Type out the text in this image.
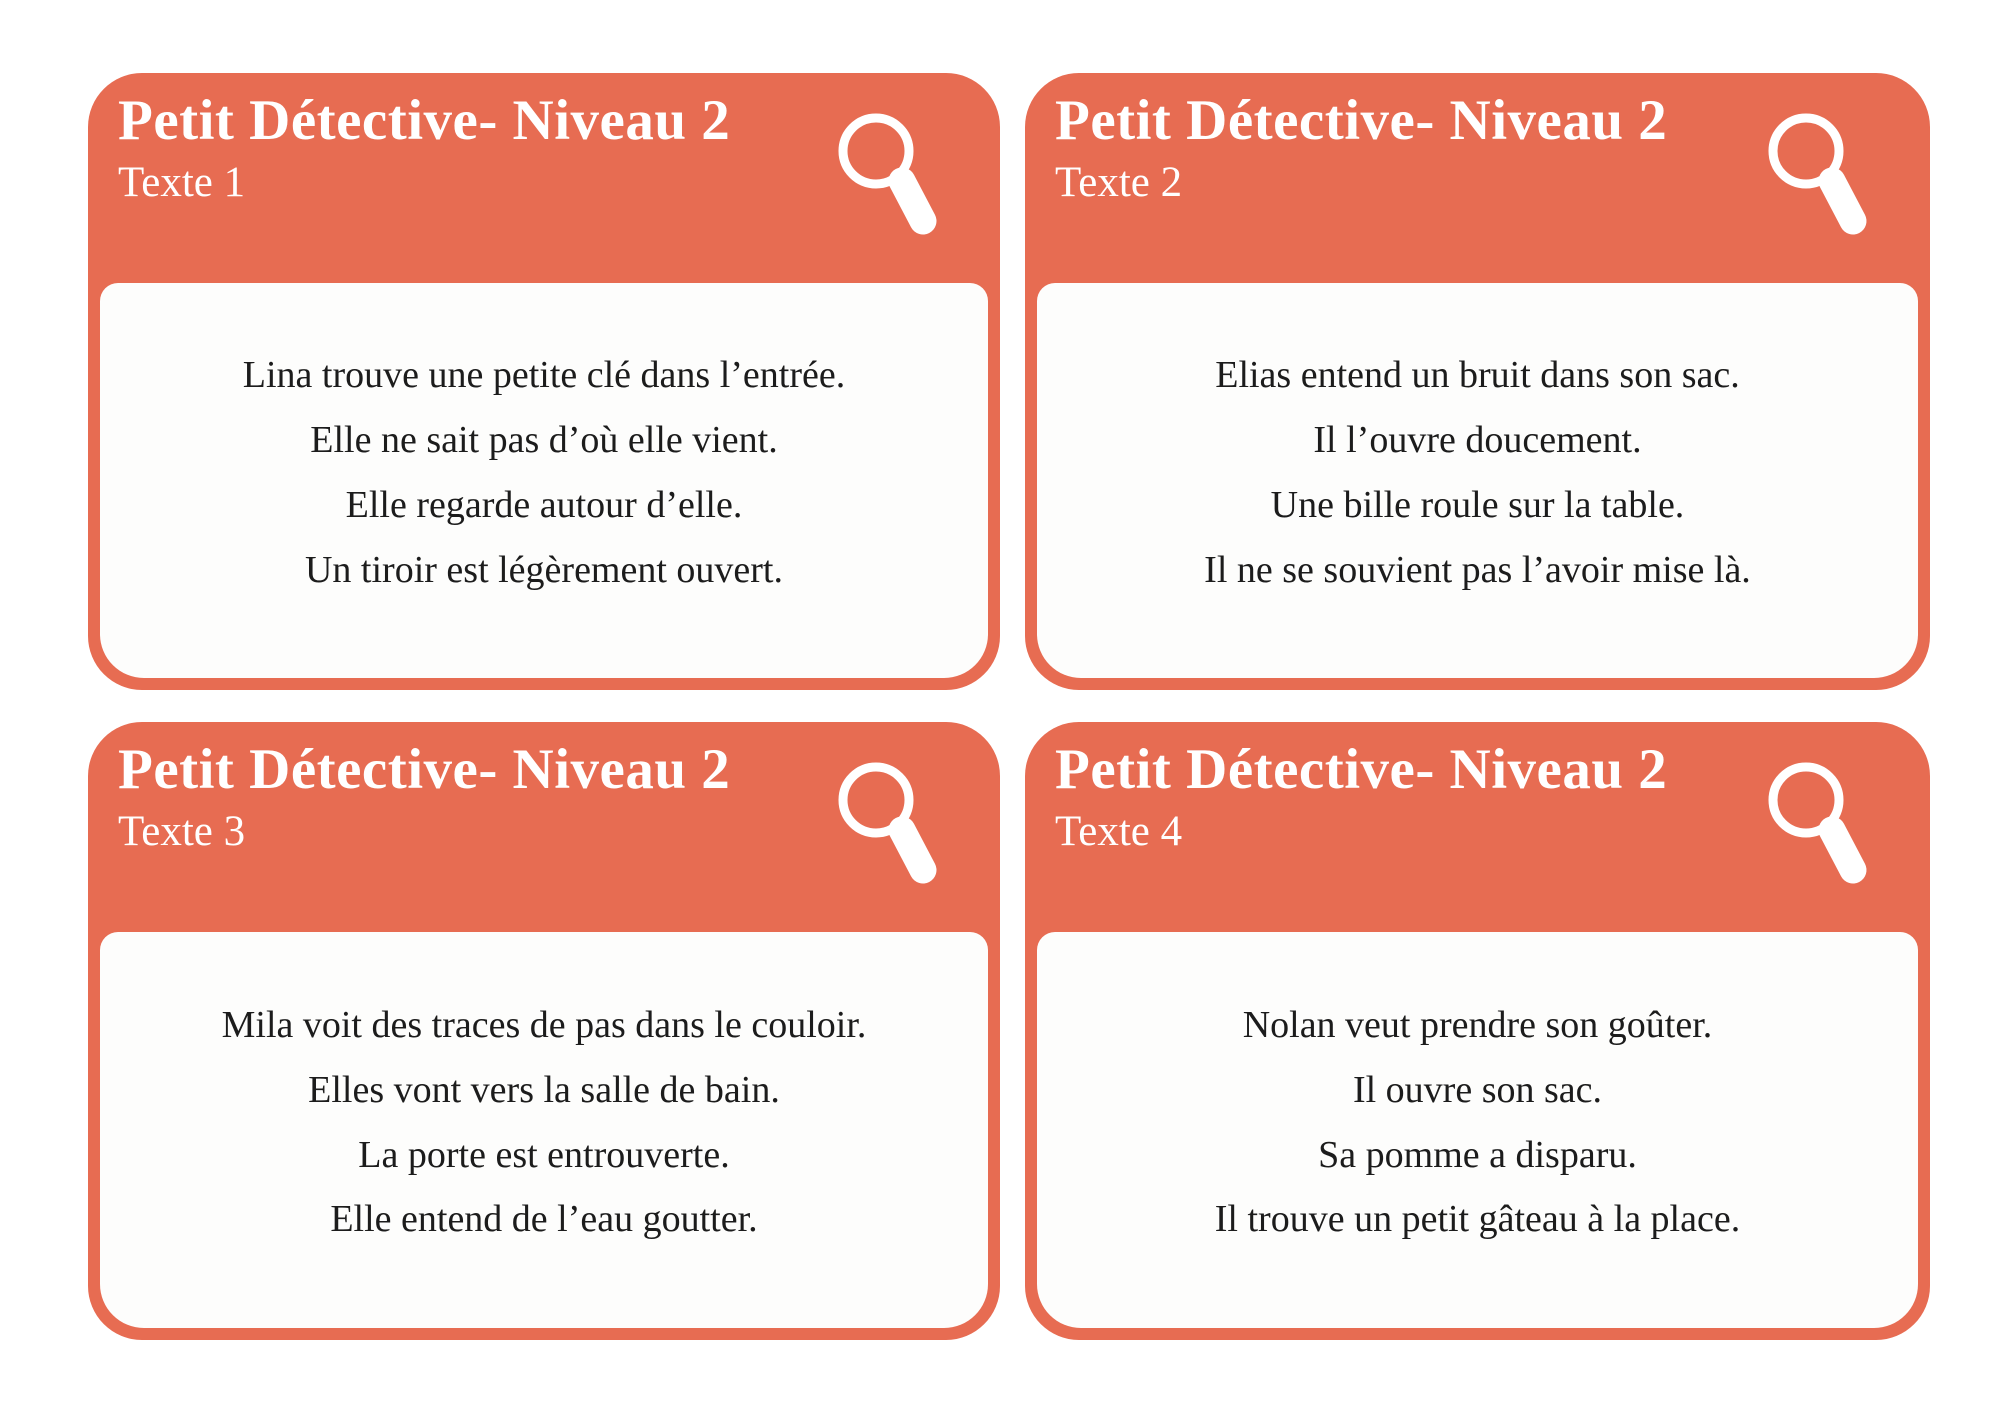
Petit Détective- Niveau 2
Texte 1
Lina trouve une petite clé dans l’entrée.
Elle ne sait pas d’où elle vient.
Elle regarde autour d’elle.
Un tiroir est légèrement ouvert.
Petit Détective- Niveau 2
Texte 2
Elias entend un bruit dans son sac.
Il l’ouvre doucement.
Une bille roule sur la table.
Il ne se souvient pas l’avoir mise là.
Petit Détective- Niveau 2
Texte 3
Mila voit des traces de pas dans le couloir.
Elles vont vers la salle de bain.
La porte est entrouverte.
Elle entend de l’eau goutter.
Petit Détective- Niveau 2
Texte 4
Nolan veut prendre son goûter.
Il ouvre son sac.
Sa pomme a disparu.
Il trouve un petit gâteau à la place.
